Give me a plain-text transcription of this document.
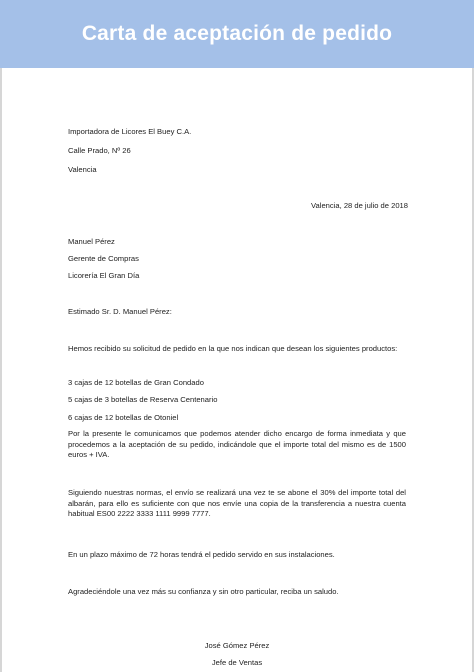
Carta de aceptación de pedido
Importadora de Licores El Buey C.A.
Calle Prado, Nº 26
Valencia
Valencia, 28 de julio de 2018
Manuel Pérez
Gerente de Compras
Licorería El Gran Día
Estimado Sr. D. Manuel Pérez:
Hemos recibido su solicitud de pedido en la que nos indican que desean los siguientes productos:
3 cajas de 12 botellas de Gran Condado
5 cajas de 3 botellas de Reserva Centenario
6 cajas de 12 botellas de Otoniel
Por la presente le comunicamos que podemos atender dicho encargo de forma inmediata y que procedemos a la aceptación de su pedido, indicándole que el importe total del mismo es de 1500 euros + IVA.
Siguiendo nuestras normas, el envío se realizará una vez te se abone el 30% del importe total del albarán, para ello es suficiente con que nos envíe una copia de la transferencia a nuestra cuenta habitual ES00 2222 3333 1111 9999 7777.
En un plazo máximo de 72 horas tendrá el pedido servido en sus instalaciones.
Agradeciéndole una vez más su confianza y sin otro particular, reciba un saludo.
José Gómez Pérez
Jefe de Ventas
